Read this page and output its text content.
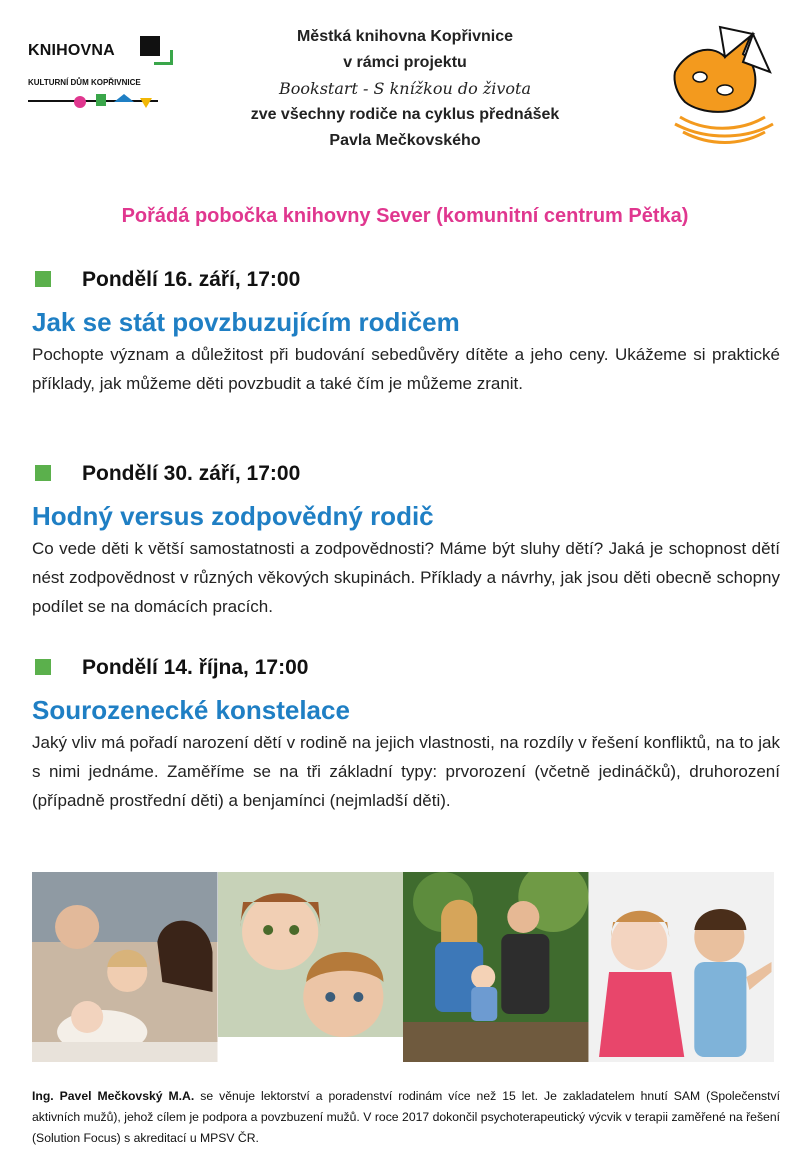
KNIHOVNA
KULTURNÍ DŮM KOPŘIVNICE
Městká knihovna Kopřivnice
v rámci projektu
Bookstart - S knížkou do života
zve všechny rodiče na cyklus přednášek
Pavla Mečkovského
Pořádá pobočka knihovny Sever (komunitní centrum Pětka)
Pondělí 16. září, 17:00
Jak se stát povzbuzujícím rodičem
Pochopte význam a důležitost při budování sebedůvěry dítěte a jeho ceny. Ukážeme si praktické příklady, jak můžeme děti povzbudit a také čím je můžeme zranit.
Pondělí 30. září, 17:00
Hodný versus zodpovědný rodič
Co vede děti k větší samostatnosti a zodpovědnosti? Máme být sluhy dětí? Jaká je schopnost dětí nést zodpovědnost v různých věkových skupinách. Příklady a návrhy, jak jsou děti obecně schopny podílet se na domácích pracích.
Pondělí 14. října, 17:00
Sourozenecké konstelace
Jaký vliv má pořadí narození dětí v rodině na jejich vlastnosti, na rozdíly v řešení konfliktů, na to jak s nimi jednáme. Zaměříme se na tři základní typy: prvorození (včetně jedináčků), druhorození (případně prostřední děti) a benjamínci (nejmladší děti).
Ing. Pavel Mečkovský M.A. se věnuje lektorství a poradenství rodinám více než 15 let. Je zakladatelem hnutí SAM (Společenství aktivních mužů), jehož cílem je podpora a povzbuzení mužů. V roce 2017 dokončil psychoterapeutický výcvik v terapii zaměřené na řešení (Solution Focus) s akreditací u MPSV ČR.
